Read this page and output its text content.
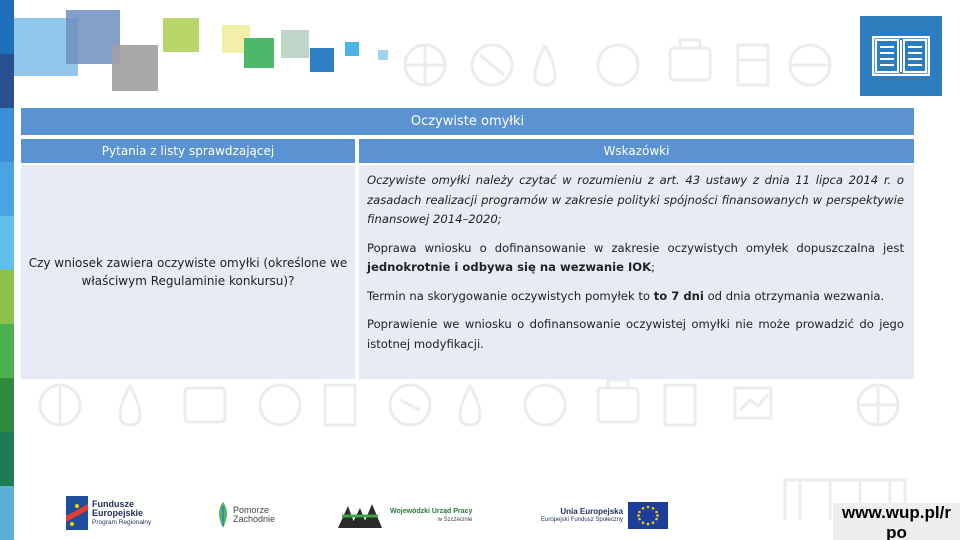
Oczywiste omyłki
Pytania z listy sprawdzającej	Wskazówki
Czy wniosek zawiera oczywiste omyłki (określone we właściwym Regulaminie konkursu)?

Oczywiste omyłki należy czytać w rozumieniu z art. 43 ustawy z dnia 11 lipca 2014 r. o zasadach realizacji programów w zakresie polityki spójności finansowanych w perspektywie finansowej 2014–2020;

Poprawa wniosku o dofinansowanie w zakresie oczywistych omyłek dopuszczalna jest jednokrotnie i odbywa się na wezwanie IOK;

Termin na skorygowanie oczywistych pomyłek to to 7 dni od dnia otrzymania wezwania.

Poprawienie we wniosku o dofinansowanie oczywistej omyłki nie może prowadzić do jego istotnej modyfikacji.

Fundusze
Europejskie
Program Regionalny
Pomorze
Zachodnie
Wojewódzki Urząd Pracy
w Szczecinie
Unia Europejska
Europejski Fundusz Społeczny	www.wup.pl/r
po
